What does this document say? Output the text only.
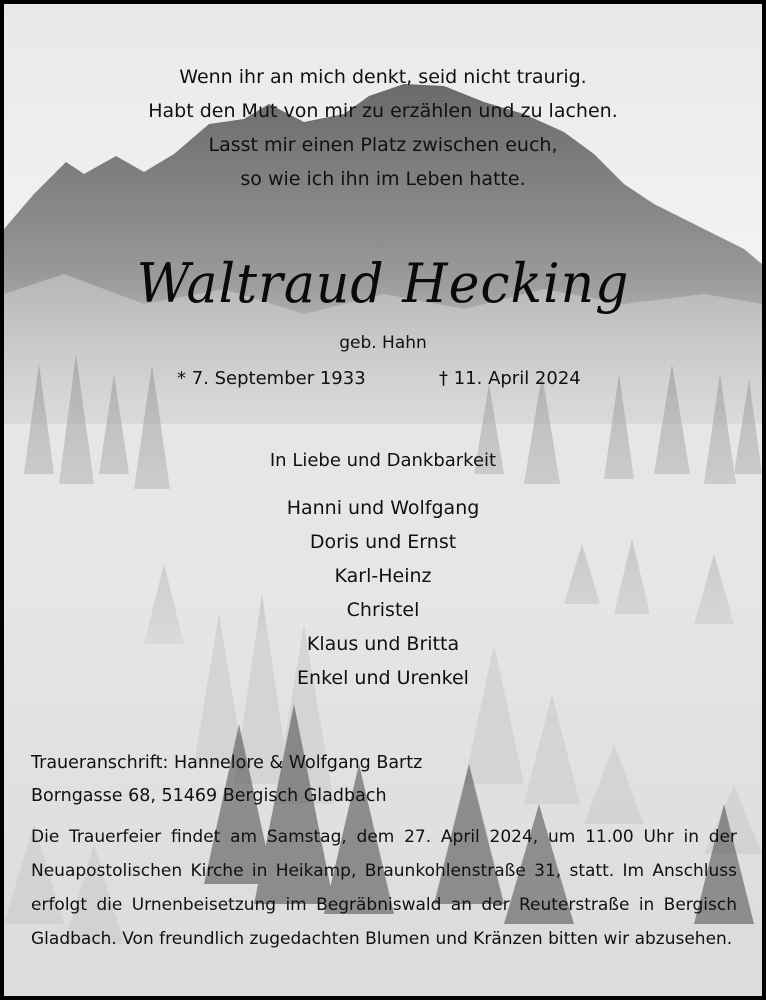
Wenn ihr an mich denkt, seid nicht traurig.
Habt den Mut von mir zu erzählen und zu lachen.
Lasst mir einen Platz zwischen euch,
so wie ich ihn im Leben hatte.
Waltraud Hecking
geb. Hahn
* 7. September 1933	† 11. April 2024
In Liebe und Dankbarkeit
Hanni und Wolfgang
Doris und Ernst
Karl-Heinz
Christel
Klaus und Britta
Enkel und Urenkel
Traueranschrift: Hannelore & Wolfgang Bartz
Borngasse 68, 51469 Bergisch Gladbach
Die Trauerfeier findet am Samstag, dem 27. April 2024, um 11.00 Uhr in der Neuapostolischen Kirche in Heikamp, Braunkohlenstraße 31, statt. Im Anschluss erfolgt die Urnenbeisetzung im Begräbniswald an der Reuterstraße in Bergisch Gladbach. Von freundlich zugedachten Blumen und Kränzen bitten wir abzusehen.
